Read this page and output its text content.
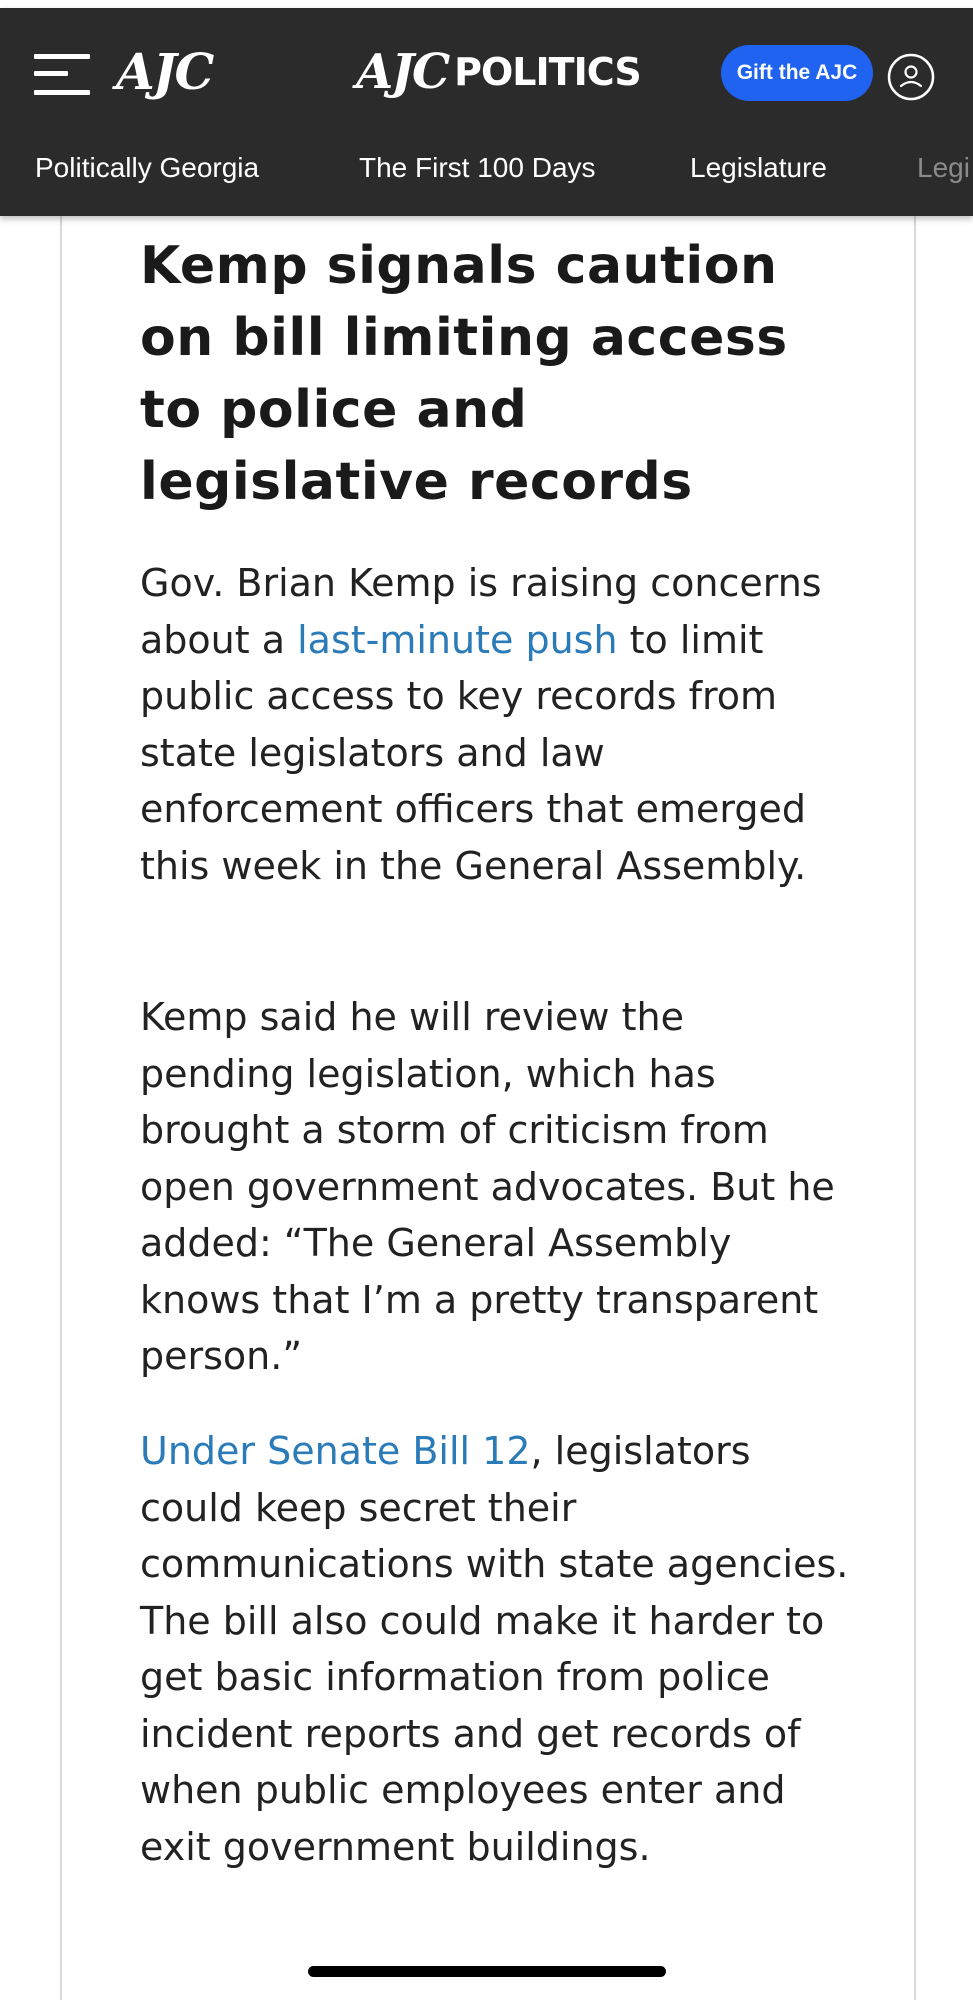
AJC	AJC POLITICS	Gift the AJC
Politically Georgia	The First 100 Days	Legislature	Legi
Kemp signals caution on bill limiting access to police and legislative records

Gov. Brian Kemp is raising concerns about a last-minute push to limit public access to key records from state legislators and law enforcement officers that emerged this week in the General Assembly.

Kemp said he will review the pending legislation, which has brought a storm of criticism from open government advocates. But he added: “The General Assembly knows that I’m a pretty transparent person.”

Under Senate Bill 12, legislators could keep secret their communications with state agencies. The bill also could make it harder to get basic information from police incident reports and get records of when public employees enter and exit government buildings.
